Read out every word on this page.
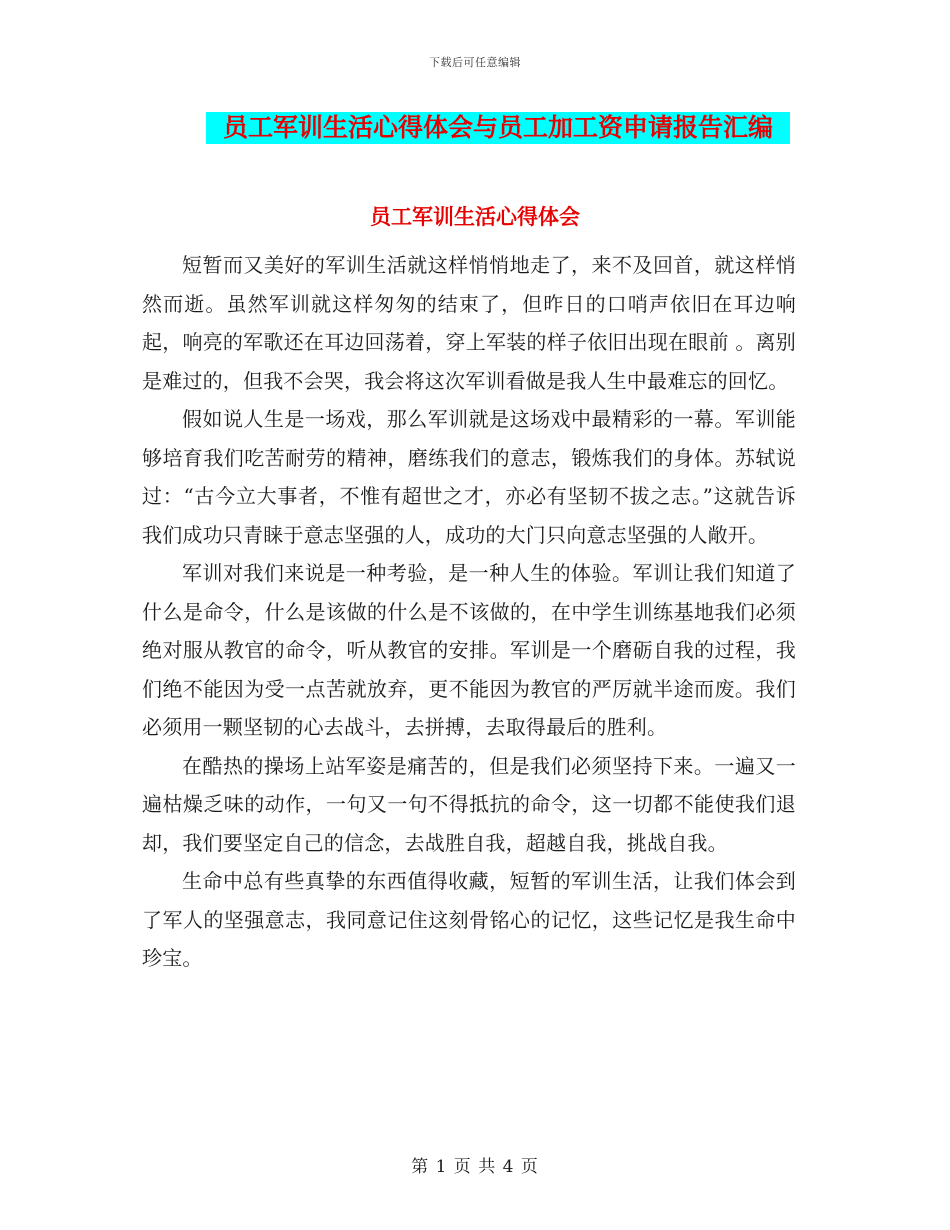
下载后可任意编辑
员工军训生活心得体会与员工加工资申请报告汇编
员工军训生活心得体会

短暂而又美好的军训生活就这样悄悄地走了，来不及回首，就这样悄然而逝。虽然军训就这样匆匆的结束了，但昨日的口哨声依旧在耳边响起，响亮的军歌还在耳边回荡着，穿上军装的样子依旧出现在眼前 。离别是难过的，但我不会哭，我会将这次军训看做是我人生中最难忘的回忆。

假如说人生是一场戏，那么军训就是这场戏中最精彩的一幕。军训能够培育我们吃苦耐劳的精神，磨练我们的意志，锻炼我们的身体。苏轼说过：“古今立大事者，不惟有超世之才，亦必有坚韧不拔之志。”这就告诉我们成功只青睐于意志坚强的人，成功的大门只向意志坚强的人敞开。

军训对我们来说是一种考验，是一种人生的体验。军训让我们知道了什么是命令，什么是该做的什么是不该做的，在中学生训练基地我们必须绝对服从教官的命令，听从教官的安排。军训是一个磨砺自我的过程，我们绝不能因为受一点苦就放弃，更不能因为教官的严厉就半途而废。我们必须用一颗坚韧的心去战斗，去拼搏，去取得最后的胜利。

在酷热的操场上站军姿是痛苦的，但是我们必须坚持下来。一遍又一遍枯燥乏味的动作，一句又一句不得抵抗的命令，这一切都不能使我们退却，我们要坚定自己的信念，去战胜自我，超越自我，挑战自我。

生命中总有些真挚的东西值得收藏，短暂的军训生活，让我们体会到了军人的坚强意志，我同意记住这刻骨铭心的记忆，这些记忆是我生命中珍宝。

第 1 页 共 4 页
